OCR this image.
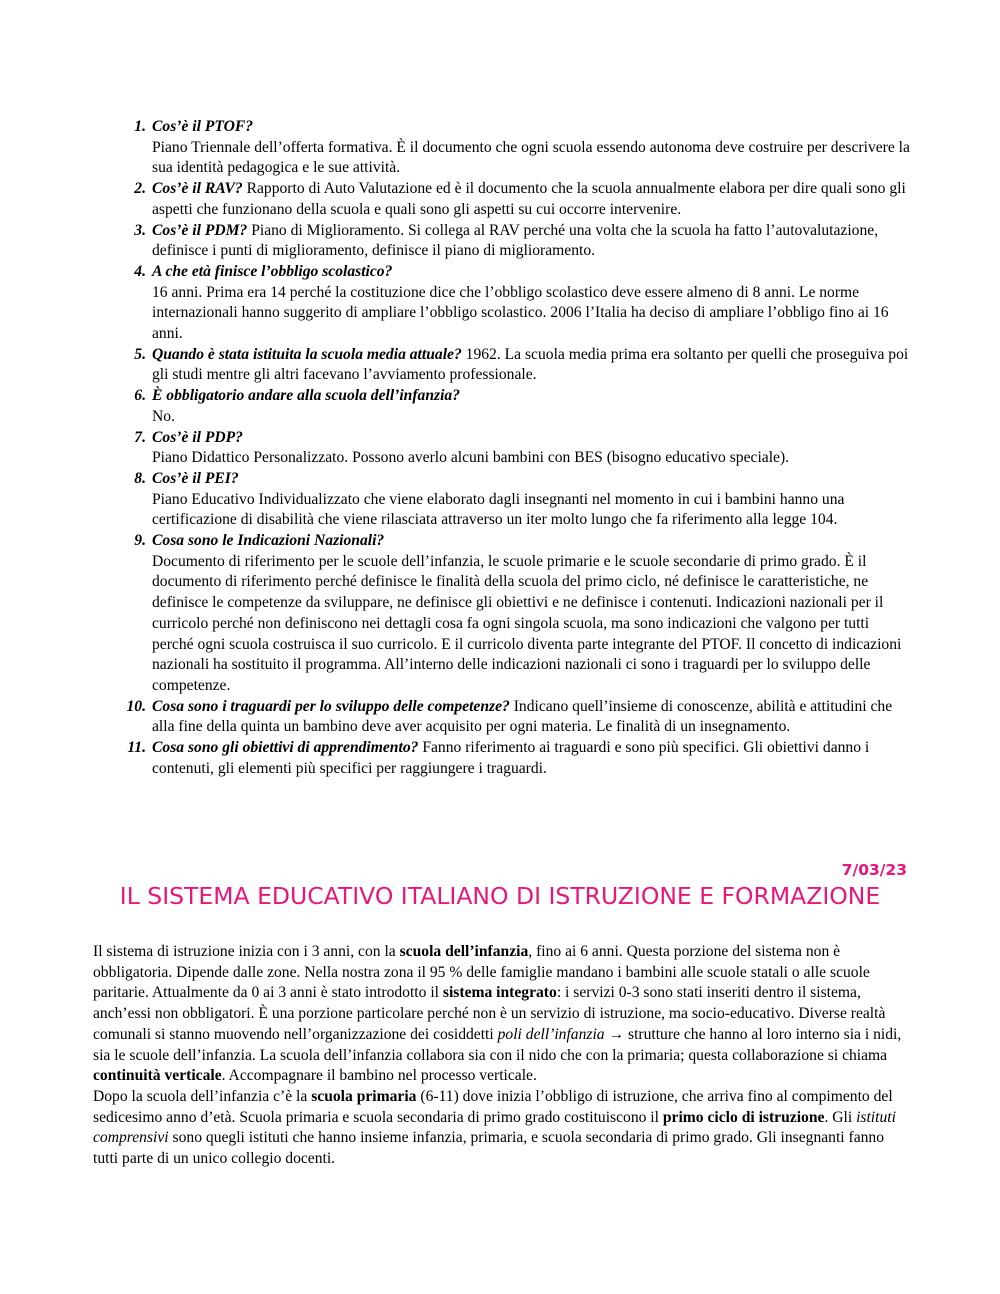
1. Cos’è il PTOF?
Piano Triennale dell’offerta formativa. È il documento che ogni scuola essendo autonoma deve costruire per descrivere la sua identità pedagogica e le sue attività.
2. Cos’è il RAV? Rapporto di Auto Valutazione ed è il documento che la scuola annualmente elabora per dire quali sono gli aspetti che funzionano della scuola e quali sono gli aspetti su cui occorre intervenire.
3. Cos’è il PDM? Piano di Miglioramento. Si collega al RAV perché una volta che la scuola ha fatto l’autovalutazione, definisce i punti di miglioramento, definisce il piano di miglioramento.
4. A che età finisce l’obbligo scolastico?
16 anni. Prima era 14 perché la costituzione dice che l’obbligo scolastico deve essere almeno di 8 anni. Le norme internazionali hanno suggerito di ampliare l’obbligo scolastico. 2006 l’Italia ha deciso di ampliare l’obbligo fino ai 16 anni.
5. Quando è stata istituita la scuola media attuale? 1962. La scuola media prima era soltanto per quelli che proseguiva poi gli studi mentre gli altri facevano l’avviamento professionale.
6. È obbligatorio andare alla scuola dell’infanzia?
No.
7. Cos’è il PDP?
Piano Didattico Personalizzato. Possono averlo alcuni bambini con BES (bisogno educativo speciale).
8. Cos’è il PEI?
Piano Educativo Individualizzato che viene elaborato dagli insegnanti nel momento in cui i bambini hanno una certificazione di disabilità che viene rilasciata attraverso un iter molto lungo che fa riferimento alla legge 104.
9. Cosa sono le Indicazioni Nazionali?
Documento di riferimento per le scuole dell’infanzia, le scuole primarie e le scuole secondarie di primo grado. È il documento di riferimento perché definisce le finalità della scuola del primo ciclo, né definisce le caratteristiche, ne definisce le competenze da sviluppare, ne definisce gli obiettivi e ne definisce i contenuti. Indicazioni nazionali per il curricolo perché non definiscono nei dettagli cosa fa ogni singola scuola, ma sono indicazioni che valgono per tutti perché ogni scuola costruisca il suo curricolo. E il curricolo diventa parte integrante del PTOF. Il concetto di indicazioni nazionali ha sostituito il programma. All’interno delle indicazioni nazionali ci sono i traguardi per lo sviluppo delle competenze.
10. Cosa sono i traguardi per lo sviluppo delle competenze? Indicano quell’insieme di conoscenze, abilità e attitudini che alla fine della quinta un bambino deve aver acquisito per ogni materia. Le finalità di un insegnamento.
11. Cosa sono gli obiettivi di apprendimento? Fanno riferimento ai traguardi e sono più specifici. Gli obiettivi danno i contenuti, gli elementi più specifici per raggiungere i traguardi.
7/03/23
IL SISTEMA EDUCATIVO ITALIANO DI ISTRUZIONE E FORMAZIONE

Il sistema di istruzione inizia con i 3 anni, con la scuola dell’infanzia, fino ai 6 anni. Questa porzione del sistema non è obbligatoria. Dipende dalle zone. Nella nostra zona il 95 % delle famiglie mandano i bambini alle scuole statali o alle scuole paritarie. Attualmente da 0 ai 3 anni è stato introdotto il sistema integrato: i servizi 0-3 sono stati inseriti dentro il sistema, anch’essi non obbligatori. È una porzione particolare perché non è un servizio di istruzione, ma socio-educativo. Diverse realtà comunali si stanno muovendo nell’organizzazione dei cosiddetti poli dell’infanzia → strutture che hanno al loro interno sia i nidi, sia le scuole dell’infanzia. La scuola dell’infanzia collabora sia con il nido che con la primaria; questa collaborazione si chiama continuità verticale. Accompagnare il bambino nel processo verticale.

Dopo la scuola dell’infanzia c’è la scuola primaria (6-11) dove inizia l’obbligo di istruzione, che arriva fino al compimento del sedicesimo anno d’età. Scuola primaria e scuola secondaria di primo grado costituiscono il primo ciclo di istruzione. Gli istituti comprensivi sono quegli istituti che hanno insieme infanzia, primaria, e scuola secondaria di primo grado. Gli insegnanti fanno tutti parte di un unico collegio docenti.
